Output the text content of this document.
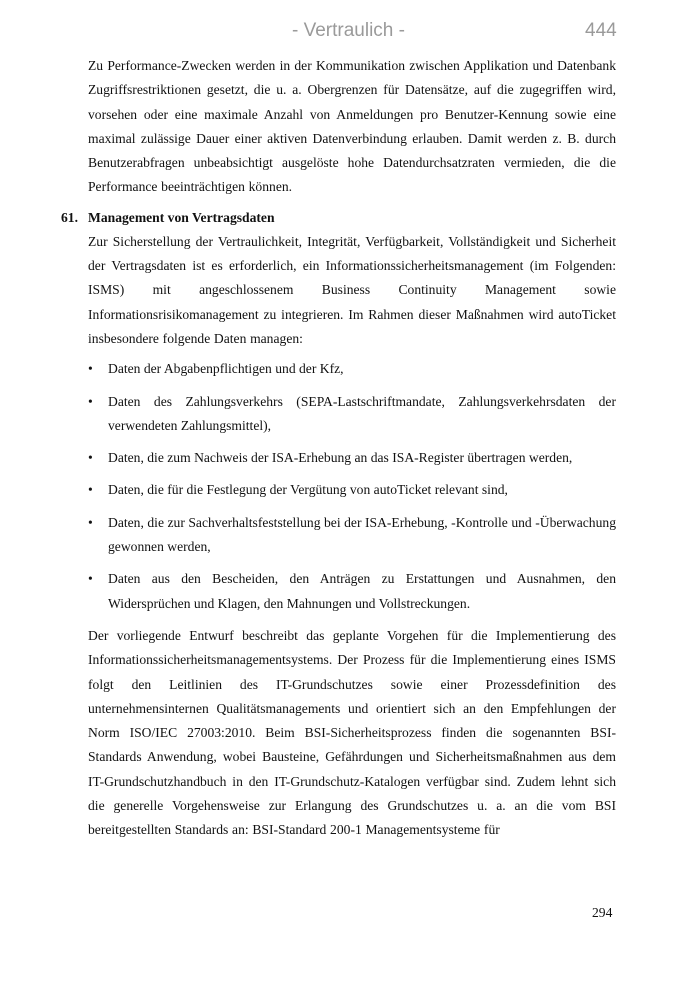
- Vertraulich -	444

Zu Performance-Zwecken werden in der Kommunikation zwischen Applikation und Datenbank Zugriffsrestriktionen gesetzt, die u. a. Obergrenzen für Datensätze, auf die zugegriffen wird, vorsehen oder eine maximale Anzahl von Anmeldungen pro Benutzer-Kennung sowie eine maximal zulässige Dauer einer aktiven Datenverbindung erlauben. Damit werden z. B. durch Benutzerabfragen unbeabsichtigt ausgelöste hohe Datendurchsatzraten vermieden, die die Performance beeinträchtigen können.

61. Management von Vertragsdaten

Zur Sicherstellung der Vertraulichkeit, Integrität, Verfügbarkeit, Vollständigkeit und Sicherheit der Vertragsdaten ist es erforderlich, ein Informationssicherheitsmanagement (im Folgenden: ISMS) mit angeschlossenem Business Continuity Management sowie Informationsrisikomanagement zu integrieren. Im Rahmen dieser Maßnahmen wird autoTicket insbesondere folgende Daten managen:

• Daten der Abgabenpflichtigen und der Kfz,
• Daten des Zahlungsverkehrs (SEPA-Lastschriftmandate, Zahlungsverkehrsdaten der verwendeten Zahlungsmittel),
• Daten, die zum Nachweis der ISA-Erhebung an das ISA-Register übertragen werden,
• Daten, die für die Festlegung der Vergütung von autoTicket relevant sind,
• Daten, die zur Sachverhaltsfeststellung bei der ISA-Erhebung, -Kontrolle und -Überwachung gewonnen werden,
• Daten aus den Bescheiden, den Anträgen zu Erstattungen und Ausnahmen, den Widersprüchen und Klagen, den Mahnungen und Vollstreckungen.

Der vorliegende Entwurf beschreibt das geplante Vorgehen für die Implementierung des Informationssicherheitsmanagementsystems. Der Prozess für die Implementierung eines ISMS folgt den Leitlinien des IT-Grundschutzes sowie einer Prozessdefinition des unternehmensinternen Qualitätsmanagements und orientiert sich an den Empfehlungen der Norm ISO/IEC 27003:2010. Beim BSI-Sicherheitsprozess finden die sogenannten BSI-Standards Anwendung, wobei Bausteine, Gefährdungen und Sicherheitsmaßnahmen aus dem IT-Grundschutzhandbuch in den IT-Grundschutz-Katalogen verfügbar sind. Zudem lehnt sich die generelle Vorgehensweise zur Erlangung des Grundschutzes u. a. an die vom BSI bereitgestellten Standards an: BSI-Standard 200-1 Managementsysteme für

294
